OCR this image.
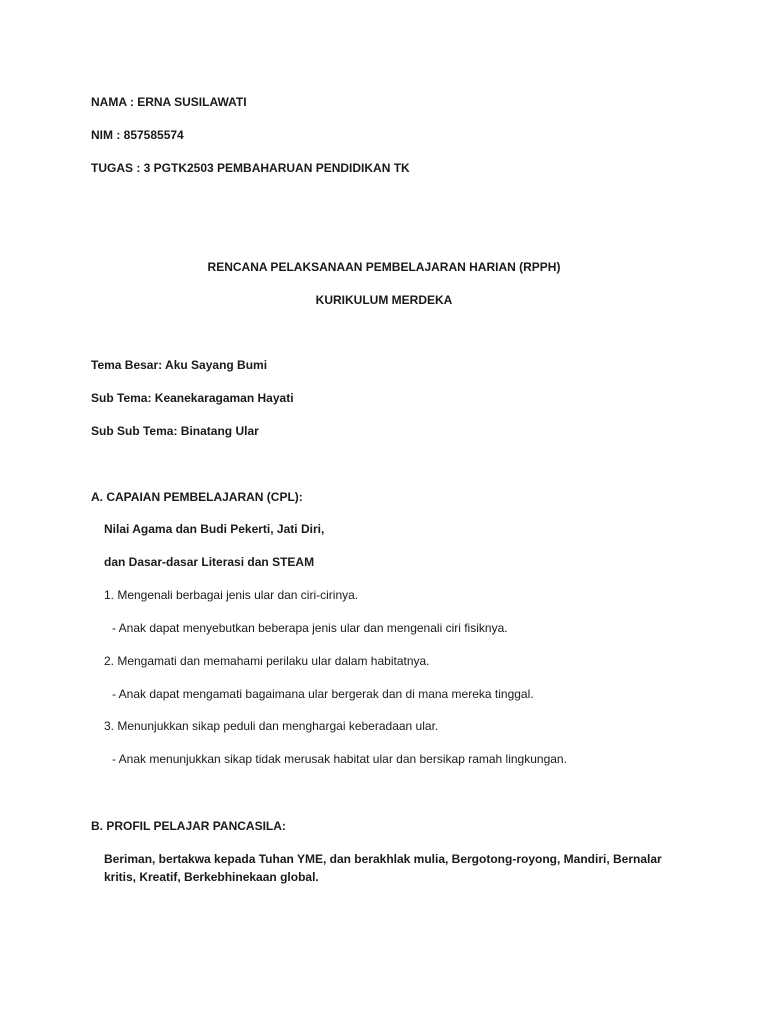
NAMA : ERNA SUSILAWATI
NIM : 857585574
TUGAS : 3 PGTK2503 PEMBAHARUAN PENDIDIKAN TK
RENCANA PELAKSANAAN PEMBELAJARAN HARIAN (RPPH)
KURIKULUM MERDEKA
Tema Besar: Aku Sayang Bumi
Sub Tema: Keanekaragaman Hayati
Sub Sub Tema: Binatang Ular
A. CAPAIAN PEMBELAJARAN (CPL):
Nilai Agama dan Budi Pekerti, Jati Diri,
dan Dasar-dasar Literasi dan STEAM
1. Mengenali berbagai jenis ular dan ciri-cirinya.
- Anak dapat menyebutkan beberapa jenis ular dan mengenali ciri fisiknya.
2. Mengamati dan memahami perilaku ular dalam habitatnya.
- Anak dapat mengamati bagaimana ular bergerak dan di mana mereka tinggal.
3. Menunjukkan sikap peduli dan menghargai keberadaan ular.
- Anak menunjukkan sikap tidak merusak habitat ular dan bersikap ramah lingkungan.
B. PROFIL PELAJAR PANCASILA:
Beriman, bertakwa kepada Tuhan YME, dan berakhlak mulia, Bergotong-royong, Mandiri, Bernalar kritis, Kreatif, Berkebhinekaan global.
